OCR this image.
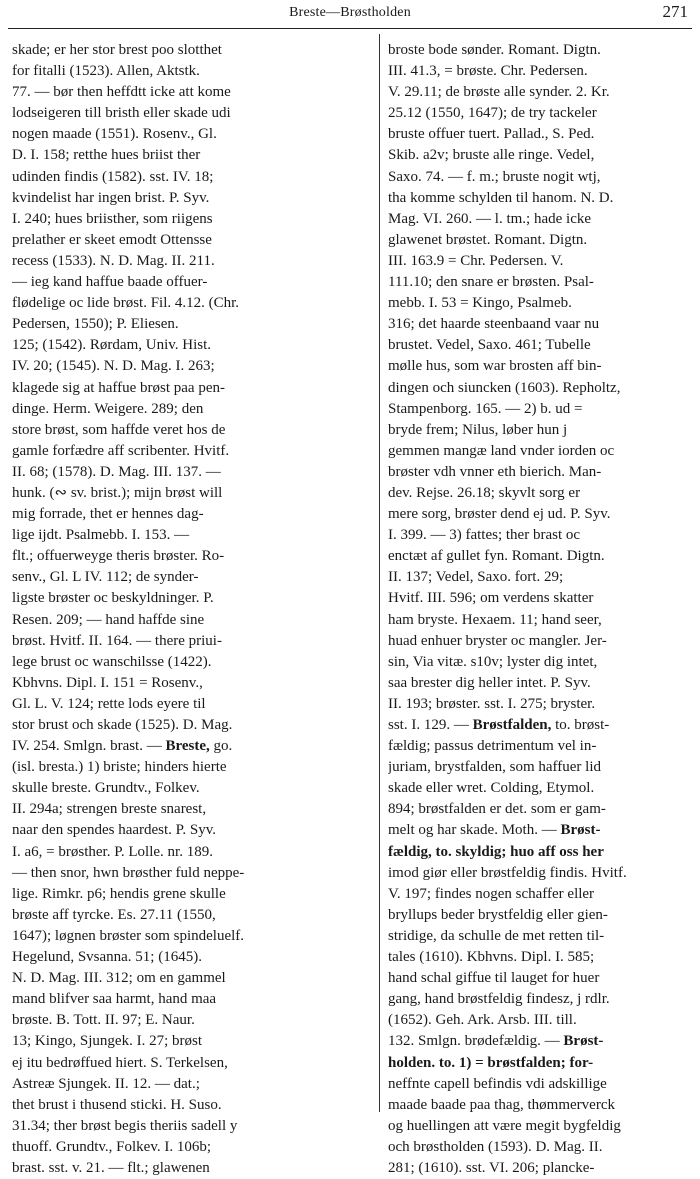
Breste—Brøstholden	271
skade; er her stor brest poo slotthet
for fitalli (1523). Allen, Aktstk.
77. — bør then heffdtt icke att kome
lodseigeren till bristh eller skade udi
nogen maade (1551). Rosenv., Gl.
D. I. 158; retthe hues briist ther
udinden findis (1582). sst. IV. 18;
kvindelist har ingen brist. P. Syv.
I. 240; hues briisther, som riigens
prelather er skeet emodt Ottensse
recess (1533). N. D. Mag. II. 211.
— ieg kand haffue baade offuer-
flødelige oc lide brøst. Fil. 4.12. (Chr.
Pedersen, 1550); P. Eliesen.
125; (1542). Rørdam, Univ. Hist.
IV. 20; (1545). N. D. Mag. I. 263;
klagede sig at haffue brøst paa pen-
dinge. Herm. Weigere. 289; den
store brøst, som haffde veret hos de
gamle forfædre aff scribenter. Hvitf.
II. 68; (1578). D. Mag. III. 137. —
hunk. (∾ sv. brist.); mijn brøst will
mig forrade, thet er hennes dag-
lige ijdt. Psalmebb. I. 153. —
flt.; offuerweyge theris brøster. Ro-
senv., Gl. L IV. 112; de synder-
ligste brøster oc beskyldninger. P.
Resen. 209; — hand haffde sine
brøst. Hvitf. II. 164. — there priui-
lege brust oc wanschilsse (1422).
Kbhvns. Dipl. I. 151 = Rosenv.,
Gl. L. V. 124; rette lods eyere til
stor brust och skade (1525). D. Mag.
IV. 254. Smlgn. brast. — Breste, go.
(isl. bresta.) 1) briste; hinders hierte
skulle breste. Grundtv., Folkev.
II. 294a; strengen breste snarest,
naar den spendes haardest. P. Syv.
I. a6, = brøsther. P. Lolle. nr. 189.
— then snor, hwn brøsther fuld neppe-
lige. Rimkr. p6; hendis grene skulle
brøste aff tyrcke. Es. 27.11 (1550,
1647); løgnen brøster som spindeluelf.
Hegelund, Svsanna. 51; (1645).
N. D. Mag. III. 312; om en gammel
mand blifver saa harmt, hand maa
brøste. B. Tott. II. 97; E. Naur.
13; Kingo, Sjungek. I. 27; brøst
ej itu bedrøffued hiert. S. Terkelsen,
Astreæ Sjungek. II. 12. — dat.;
thet brust i thusend sticki. H. Suso.
31.34; ther brøst begis theriis sadell y
thuoff. Grundtv., Folkev. I. 106b;
brast. sst. v. 21. — flt.; glawenen
broste bode sønder. Romant. Digtn.
III. 41.3, = brøste. Chr. Pedersen.
V. 29.11; de brøste alle synder. 2. Kr.
25.12 (1550, 1647); de try tackeler
bruste offuer tuert. Pallad., S. Ped.
Skib. a2v; bruste alle ringe. Vedel,
Saxo. 74. — f. m.; bruste nogit wtj,
tha komme schylden til hanom. N. D.
Mag. VI. 260. — l. tm.; hade icke
glawenet brøstet. Romant. Digtn.
III. 163.9 = Chr. Pedersen. V.
111.10; den snare er brøsten. Psal-
mebb. I. 53 = Kingo, Psalmeb.
316; det haarde steenbaand vaar nu
brustet. Vedel, Saxo. 461; Tubelle
mølle hus, som war brosten aff bin-
dingen och siuncken (1603). Repholtz,
Stampenborg. 165. — 2) b. ud =
bryde frem; Nilus, løber hun j
gemmen mangæ land vnder iorden oc
brøster vdh vnner eth bierich. Man-
dev. Rejse. 26.18; skyvlt sorg er
mere sorg, brøster dend ej ud. P. Syv.
I. 399. — 3) fattes; ther brast oc
enctæt af gullet fyn. Romant. Digtn.
II. 137; Vedel, Saxo. fort. 29;
Hvitf. III. 596; om verdens skatter
ham bryste. Hexaem. 11; hand seer,
huad enhuer bryster oc mangler. Jer-
sin, Via vitæ. s10v; lyster dig intet,
saa brester dig heller intet. P. Syv.
II. 193; brøster. sst. I. 275; bryster.
sst. I. 129. — Brøstfalden, to. brøst-
fældig; passus detrimentum vel in-
juriam, brystfalden, som haffuer lid
skade eller wret. Colding, Etymol.
894; brøstfalden er det. som er gam-
melt og har skade. Moth. — Brøst-
fældig, to. skyldig; huo aff oss her
imod giør eller brøstfeldig findis. Hvitf.
V. 197; findes nogen schaffer eller
bryllups beder brystfeldig eller gien-
stridige, da schulle de met retten til-
tales (1610). Kbhvns. Dipl. I. 585;
hand schal giffue til lauget for huer
gang, hand brøstfeldig findesz, j rdlr.
(1652). Geh. Ark. Arsb. III. till.
132. Smlgn. brødefældig. — Brøst-
holden. to. 1) = brøstfalden; for-
neffnte capell befindis vdi adskillige
maade baade paa thag, thømmerverck
og huellingen att være megit bygfeldig
och brøstholden (1593). D. Mag. II.
281; (1610). sst. VI. 206; plancke-
